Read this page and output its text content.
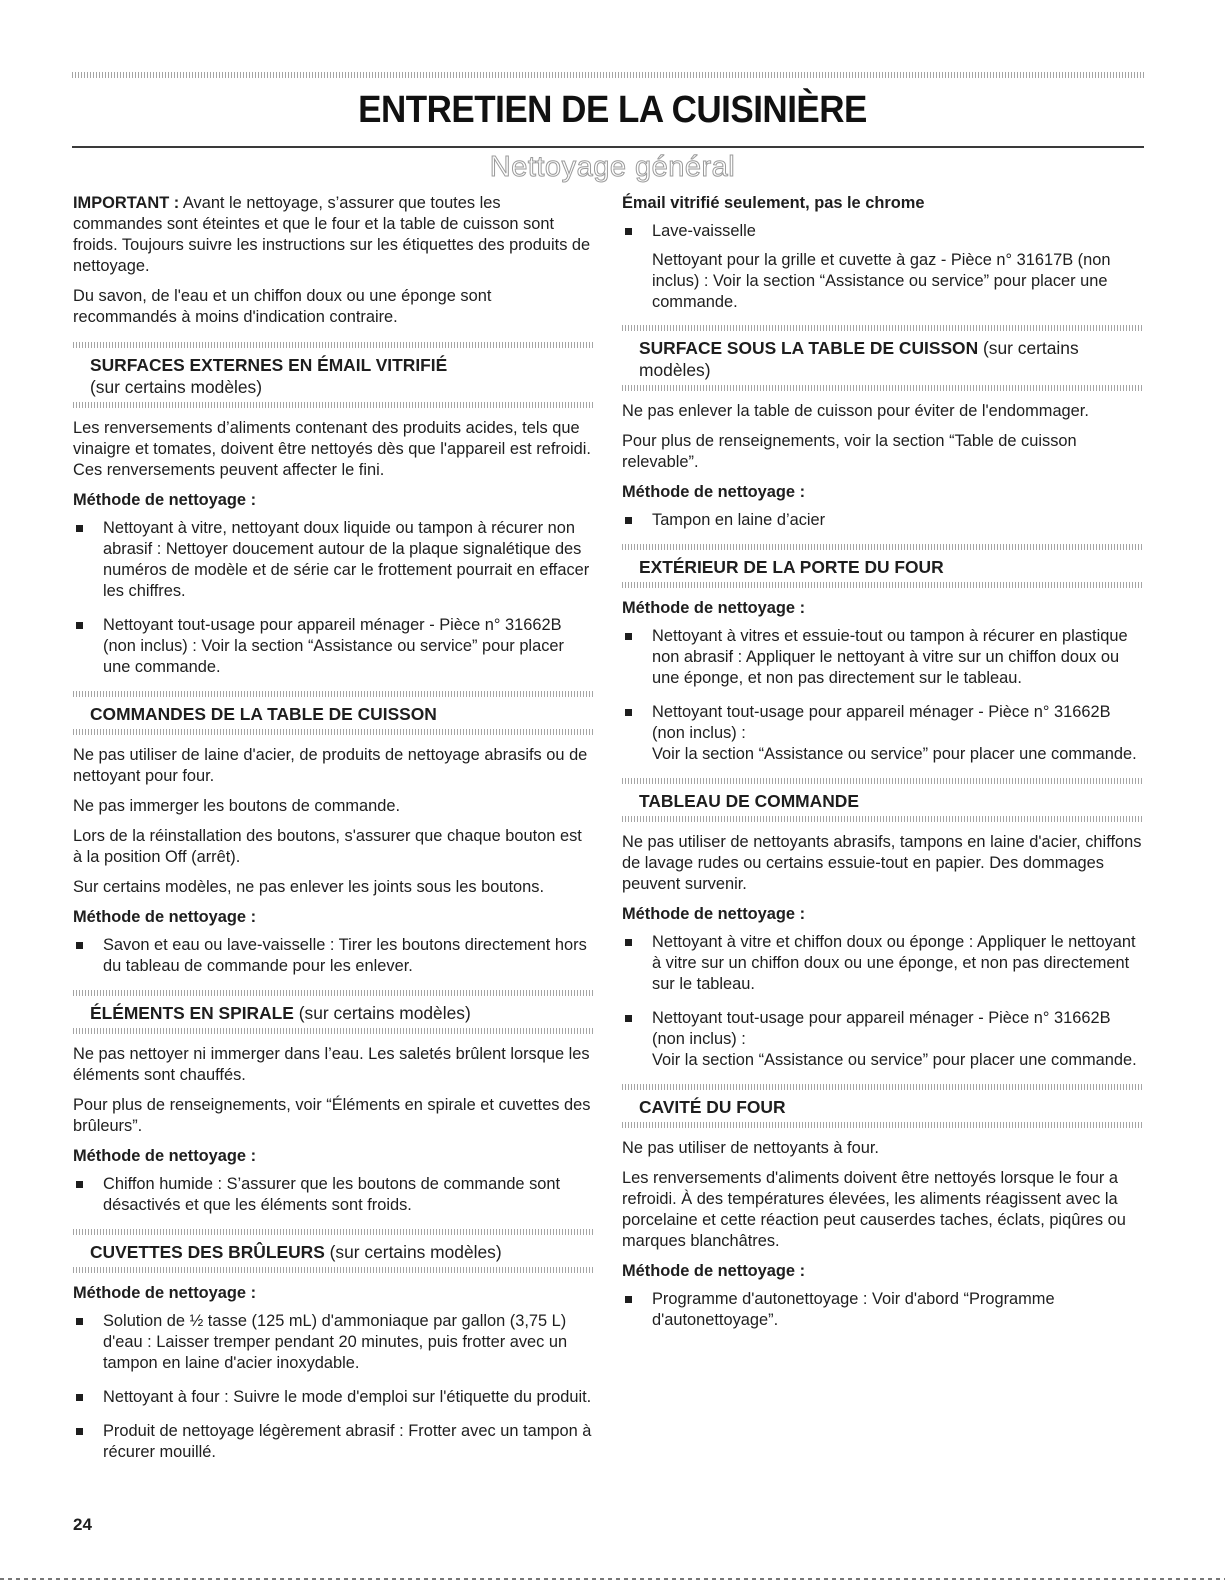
ENTRETIEN DE LA CUISINIÈRE
Nettoyage général

IMPORTANT : Avant le nettoyage, s’assurer que toutes les commandes sont éteintes et que le four et la table de cuisson sont froids. Toujours suivre les instructions sur les étiquettes des produits de nettoyage.

Du savon, de l'eau et un chiffon doux ou une éponge sont recommandés à moins d'indication contraire.

SURFACES EXTERNES EN ÉMAIL VITRIFIÉ
(sur certains modèles)

Les renversements d’aliments contenant des produits acides, tels que vinaigre et tomates, doivent être nettoyés dès que l'appareil est refroidi. Ces renversements peuvent affecter le fini.

Méthode de nettoyage :
Nettoyant à vitre, nettoyant doux liquide ou tampon à récurer non abrasif : Nettoyer doucement autour de la plaque signalétique des numéros de modèle et de série car le frottement pourrait en effacer les chiffres.
Nettoyant tout-usage pour appareil ménager - Pièce n° 31662B (non inclus) : Voir la section “Assistance ou service” pour placer une commande.
COMMANDES DE LA TABLE DE CUISSON

Ne pas utiliser de laine d'acier, de produits de nettoyage abrasifs ou de nettoyant pour four.

Ne pas immerger les boutons de commande.

Lors de la réinstallation des boutons, s'assurer que chaque bouton est à la position Off (arrêt).

Sur certains modèles, ne pas enlever les joints sous les boutons.

Méthode de nettoyage :
Savon et eau ou lave-vaisselle : Tirer les boutons directement hors du tableau de commande pour les enlever.
ÉLÉMENTS EN SPIRALE (sur certains modèles)

Ne pas nettoyer ni immerger dans l’eau. Les saletés brûlent lorsque les éléments sont chauffés.

Pour plus de renseignements, voir “Éléments en spirale et cuvettes des brûleurs”.

Méthode de nettoyage :
Chiffon humide : S’assurer que les boutons de commande sont désactivés et que les éléments sont froids.
CUVETTES DES BRÛLEURS (sur certains modèles)
Méthode de nettoyage :
Solution de ½ tasse (125 mL) d'ammoniaque par gallon (3,75 L) d'eau : Laisser tremper pendant 20 minutes, puis frotter avec un tampon en laine d'acier inoxydable.
Nettoyant à four : Suivre le mode d'emploi sur l'étiquette du produit.
Produit de nettoyage légèrement abrasif : Frotter avec un tampon à récurer mouillé.
Émail vitrifié seulement, pas le chrome
Lave-vaisselle

Nettoyant pour la grille et cuvette à gaz - Pièce n° 31617B (non inclus) : Voir la section “Assistance ou service” pour placer une commande.

SURFACE SOUS LA TABLE DE CUISSON (sur certains modèles)

Ne pas enlever la table de cuisson pour éviter de l'endommager.

Pour plus de renseignements, voir la section “Table de cuisson relevable”.

Méthode de nettoyage :
Tampon en laine d’acier
EXTÉRIEUR DE LA PORTE DU FOUR
Méthode de nettoyage :
Nettoyant à vitres et essuie-tout ou tampon à récurer en plastique non abrasif : Appliquer le nettoyant à vitre sur un chiffon doux ou une éponge, et non pas directement sur le tableau.
Nettoyant tout-usage pour appareil ménager - Pièce n° 31662B (non inclus) :
Voir la section “Assistance ou service” pour placer une commande.
TABLEAU DE COMMANDE

Ne pas utiliser de nettoyants abrasifs, tampons en laine d'acier, chiffons de lavage rudes ou certains essuie-tout en papier. Des dommages peuvent survenir.

Méthode de nettoyage :
Nettoyant à vitre et chiffon doux ou éponge : Appliquer le nettoyant à vitre sur un chiffon doux ou une éponge, et non pas directement sur le tableau.
Nettoyant tout-usage pour appareil ménager - Pièce n° 31662B (non inclus) :
Voir la section “Assistance ou service” pour placer une commande.
CAVITÉ DU FOUR

Ne pas utiliser de nettoyants à four.

Les renversements d'aliments doivent être nettoyés lorsque le four a refroidi. À des températures élevées, les aliments réagissent avec la porcelaine et cette réaction peut causerdes taches, éclats, piqûres ou marques blanchâtres.

Méthode de nettoyage :
Programme d'autonettoyage : Voir d'abord “Programme d'autonettoyage”.
24
